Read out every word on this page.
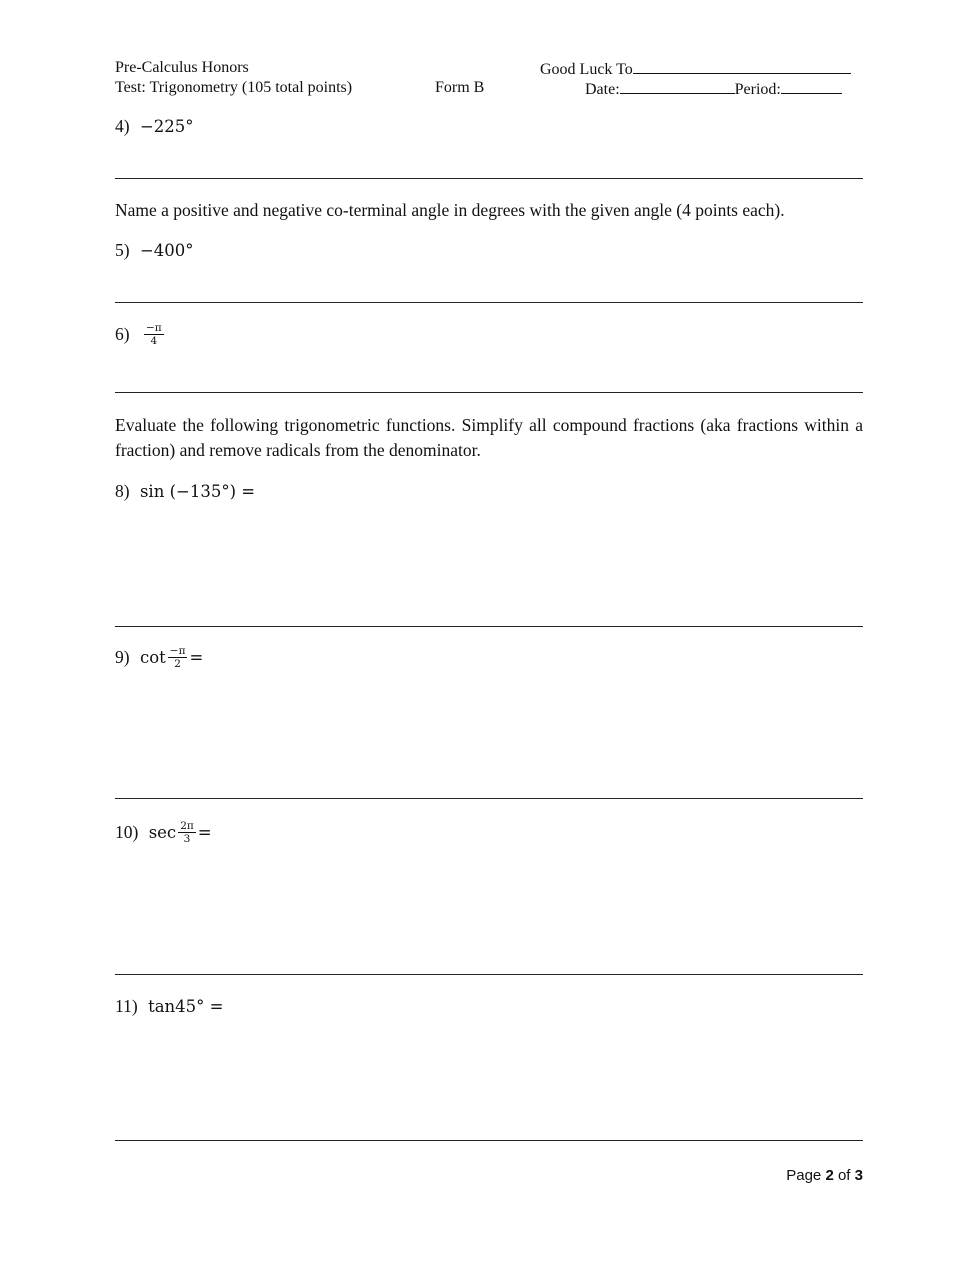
Pre-Calculus Honors
Test: Trigonometry (105 total points)	Form B
Good Luck To
Date:	Period:
4) −225°
Name a positive and negative co-terminal angle in degrees with the given angle (4 points each).
5) −400°
$6) \frac{-\pi}{4}$
Evaluate the following trigonometric functions. Simplify all compound fractions (aka fractions within a fraction) and remove radicals from the denominator.
8) sin (−135°) =
9) $\cot \frac{-\pi}{2}$ =
10) $\sec \frac{2\pi}{3}$ =
11) tan45° =
Page 2 of 3
